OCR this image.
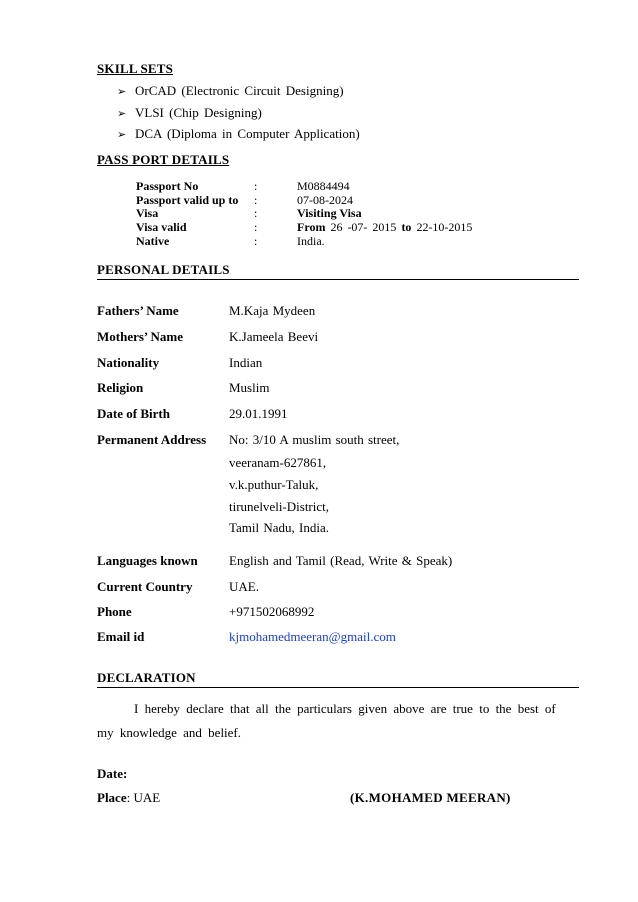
SKILL SETS
➢ OrCAD (Electronic Circuit Designing)
➢ VLSI (Chip Designing)
➢ DCA (Diploma in Computer Application)
PASS PORT DETAILS
Passport No	:	M0884494
Passport valid up to :	07-08-2024
Visa	:	Visiting Visa
Visa valid	:	From 26 -07- 2015 to 22-10-2015
Native	:	India.
PERSONAL DETAILS
Fathers’ Name	M.Kaja Mydeen
Mothers’ Name	K.Jameela Beevi
Nationality	Indian
Religion	Muslim
Date of Birth	29.01.1991
Permanent Address No: 3/10 A muslim south street,
veeranam-627861,
v.k.puthur-Taluk,
tirunelveli-District,
Tamil Nadu, India.
Languages known English and Tamil (Read, Write & Speak)
Current Country	UAE.
Phone	+971502068992
Email id	kjmohamedmeeran@gmail.com
DECLARATION
I hereby declare that all the particulars given above are true to the best of my knowledge and belief.
Date:
Place: UAE	(K.MOHAMED MEERAN)
